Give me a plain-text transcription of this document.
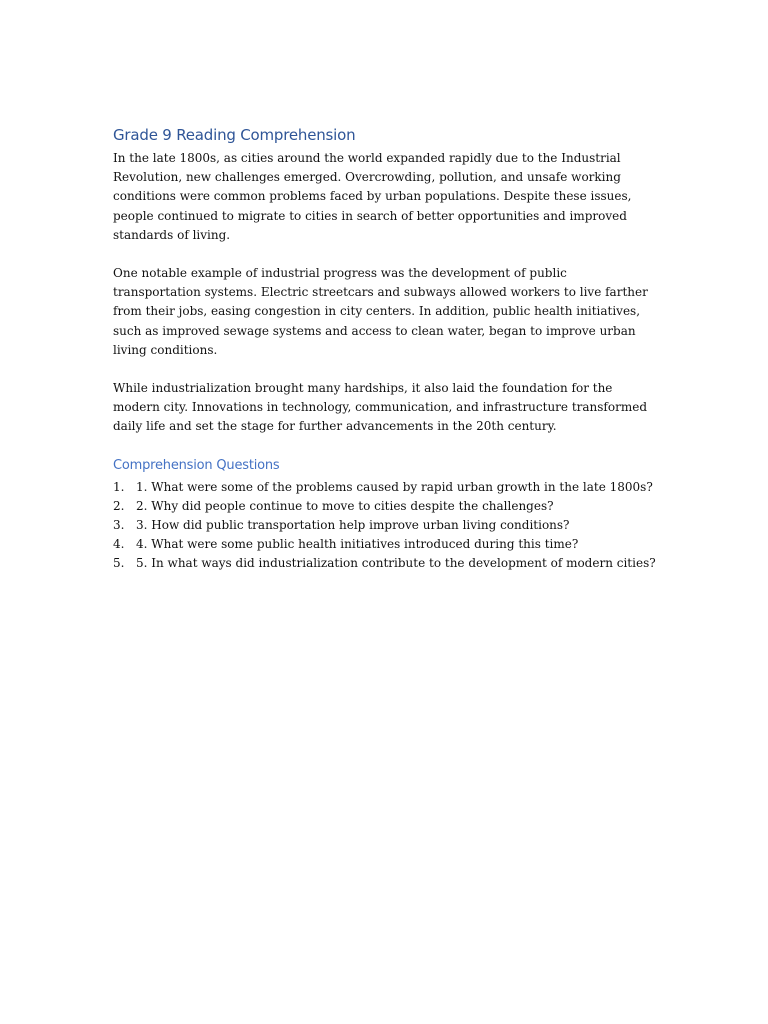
Grade 9 Reading Comprehension

In the late 1800s, as cities around the world expanded rapidly due to the Industrial Revolution, new challenges emerged. Overcrowding, pollution, and unsafe working conditions were common problems faced by urban populations. Despite these issues, people continued to migrate to cities in search of better opportunities and improved standards of living.

One notable example of industrial progress was the development of public transportation systems. Electric streetcars and subways allowed workers to live farther from their jobs, easing congestion in city centers. In addition, public health initiatives, such as improved sewage systems and access to clean water, began to improve urban living conditions.

While industrialization brought many hardships, it also laid the foundation for the modern city. Innovations in technology, communication, and infrastructure transformed daily life and set the stage for further advancements in the 20th century.

Comprehension Questions
1. 1. What were some of the problems caused by rapid urban growth in the late 1800s?
2. 2. Why did people continue to move to cities despite the challenges?
3. 3. How did public transportation help improve urban living conditions?
4. 4. What were some public health initiatives introduced during this time?
5. 5. In what ways did industrialization contribute to the development of modern cities?
